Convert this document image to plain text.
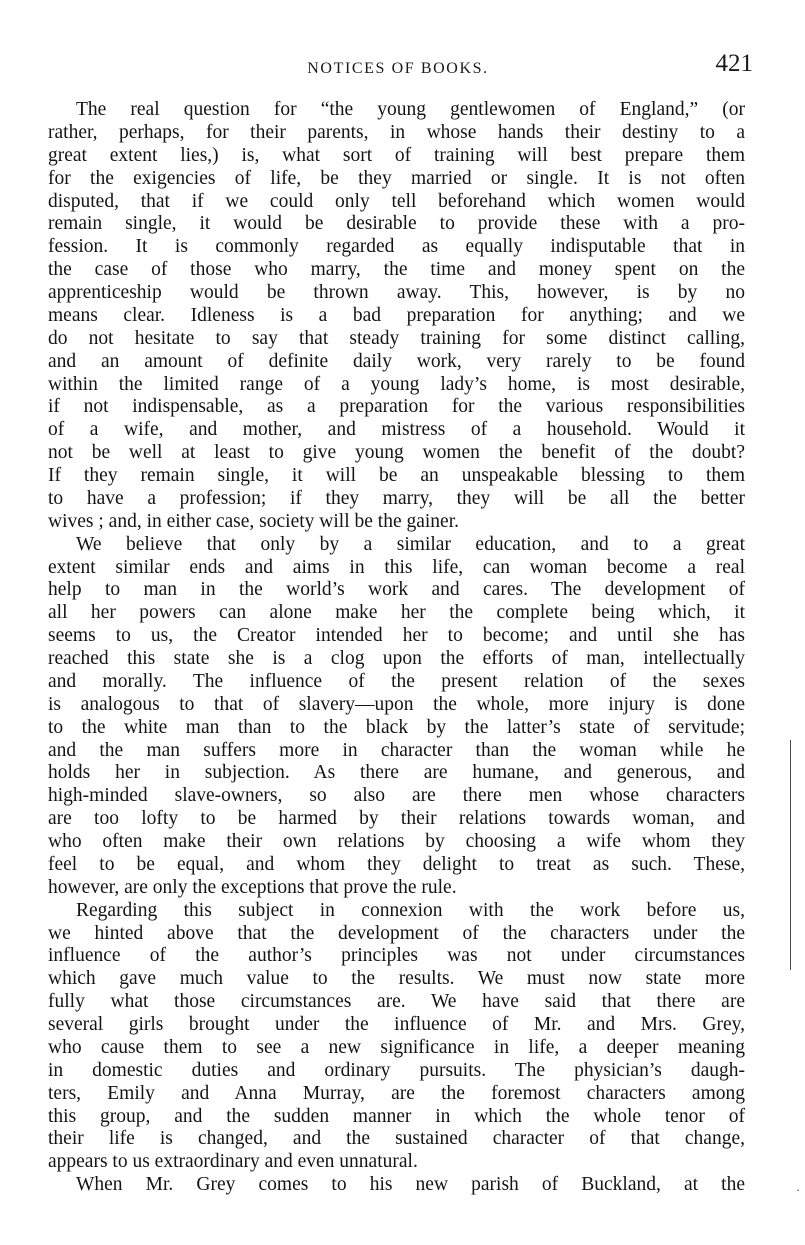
NOTICES OF BOOKS.	421
The real question for “the young gentlewomen of England,” (or
rather, perhaps, for their parents, in whose hands their destiny to a
great extent lies,) is, what sort of training will best prepare them
for the exigencies of life, be they married or single. It is not often
disputed, that if we could only tell beforehand which women would
remain single, it would be desirable to provide these with a pro-
fession. It is commonly regarded as equally indisputable that in
the case of those who marry, the time and money spent on the
apprenticeship would be thrown away. This, however, is by no
means clear. Idleness is a bad preparation for anything; and we
do not hesitate to say that steady training for some distinct calling,
and an amount of definite daily work, very rarely to be found
within the limited range of a young lady’s home, is most desirable,
if not indispensable, as a preparation for the various responsibilities
of a wife, and mother, and mistress of a household. Would it
not be well at least to give young women the benefit of the doubt?
If they remain single, it will be an unspeakable blessing to them
to have a profession; if they marry, they will be all the better
wives ; and, in either case, society will be the gainer.
We believe that only by a similar education, and to a great
extent similar ends and aims in this life, can woman become a real
help to man in the world’s work and cares. The development of
all her powers can alone make her the complete being which, it
seems to us, the Creator intended her to become; and until she has
reached this state she is a clog upon the efforts of man, intellectually
and morally. The influence of the present relation of the sexes
is analogous to that of slavery—upon the whole, more injury is done
to the white man than to the black by the latter’s state of servitude;
and the man suffers more in character than the woman while he
holds her in subjection. As there are humane, and generous, and
high-minded slave-owners, so also are there men whose characters
are too lofty to be harmed by their relations towards woman, and
who often make their own relations by choosing a wife whom they
feel to be equal, and whom they delight to treat as such. These,
however, are only the exceptions that prove the rule.
Regarding this subject in connexion with the work before us,
we hinted above that the development of the characters under the
influence of the author’s principles was not under circumstances
which gave much value to the results. We must now state more
fully what those circumstances are. We have said that there are
several girls brought under the influence of Mr. and Mrs. Grey,
who cause them to see a new significance in life, a deeper meaning
in domestic duties and ordinary pursuits. The physician’s daugh-
ters, Emily and Anna Murray, are the foremost characters among
this group, and the sudden manner in which the whole tenor of
their life is changed, and the sustained character of that change,
appears to us extraordinary and even unnatural.
When Mr. Grey comes to his new parish of Buckland, at the	·
